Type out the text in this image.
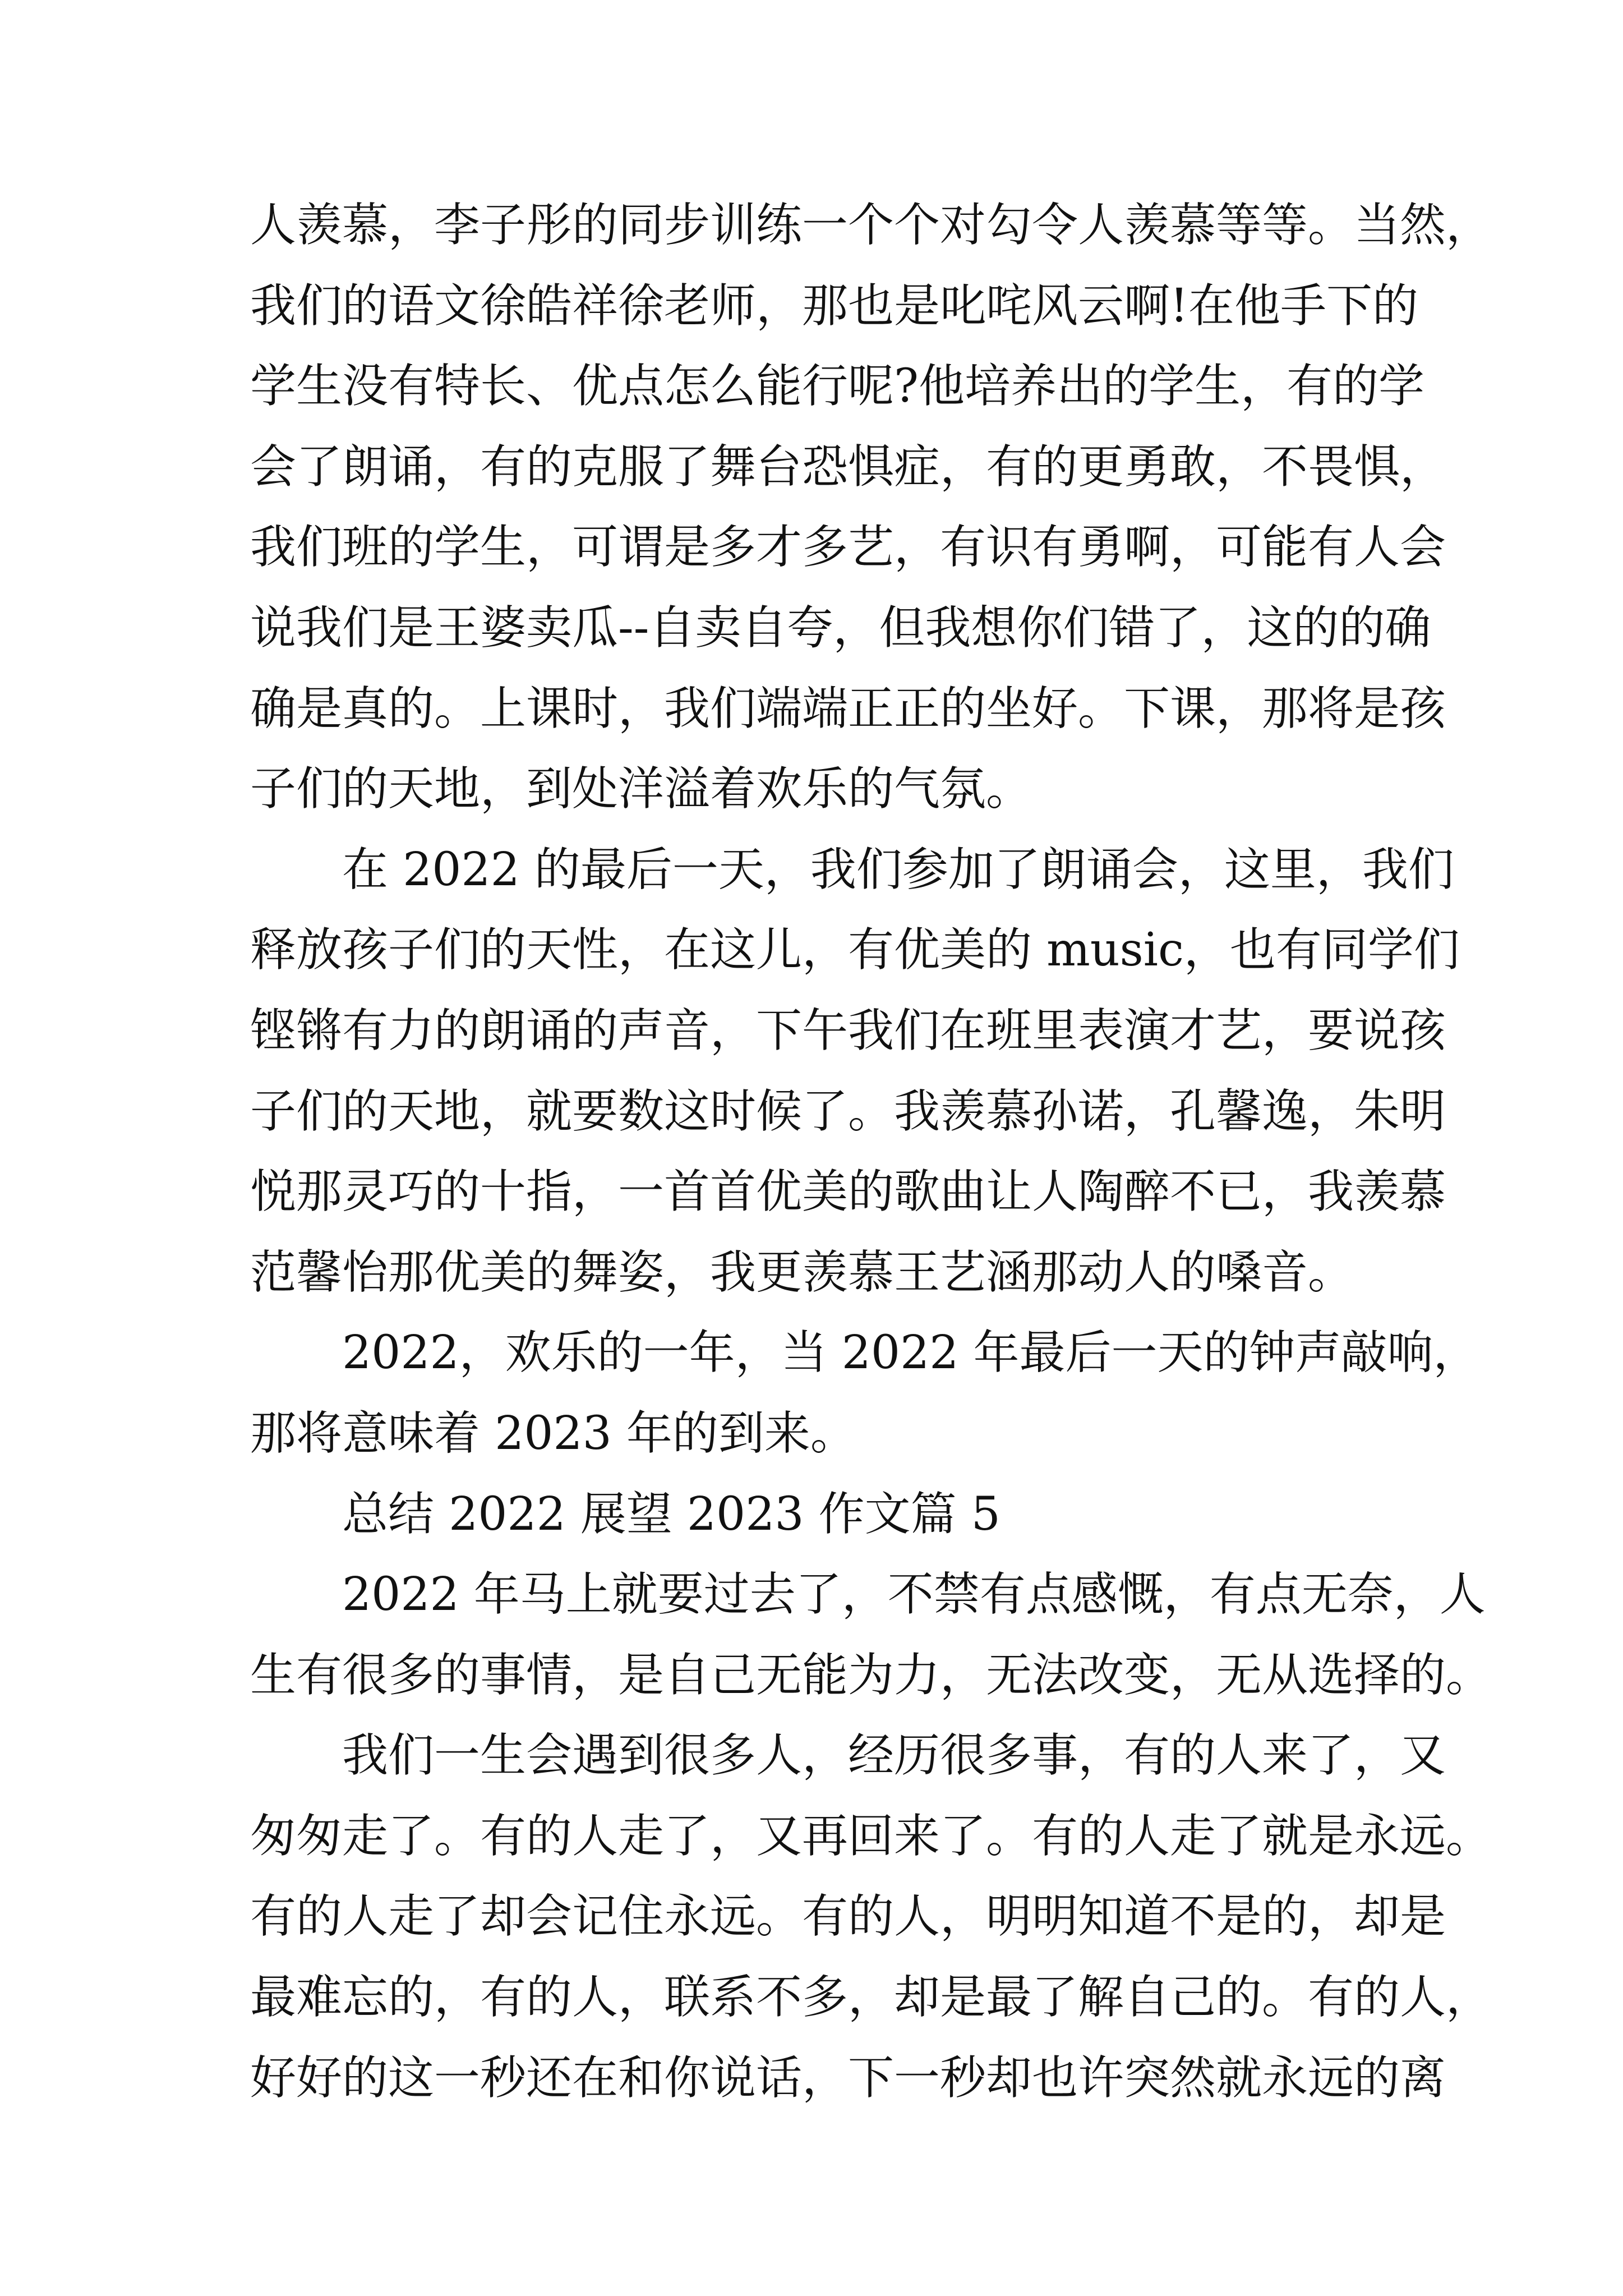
人羡慕，李子彤的同步训练一个个对勾令人羡慕等等。当然，
我们的语文徐皓祥徐老师，那也是叱咤风云啊!在他手下的
学生没有特长、优点怎么能行呢?他培养出的学生，有的学
会了朗诵，有的克服了舞台恐惧症，有的更勇敢，不畏惧，
我们班的学生，可谓是多才多艺，有识有勇啊，可能有人会
说我们是王婆卖瓜--自卖自夸，但我想你们错了，这的的确
确是真的。上课时，我们端端正正的坐好。下课，那将是孩
子们的天地，到处洋溢着欢乐的气氛。
在 2022 的最后一天，我们参加了朗诵会，这里，我们
释放孩子们的天性，在这儿，有优美的 music，也有同学们
铿锵有力的朗诵的声音，下午我们在班里表演才艺，要说孩
子们的天地，就要数这时候了。我羡慕孙诺，孔馨逸，朱明
悦那灵巧的十指，一首首优美的歌曲让人陶醉不已，我羡慕
范馨怡那优美的舞姿，我更羡慕王艺涵那动人的嗓音。
2022，欢乐的一年，当 2022 年最后一天的钟声敲响，
那将意味着 2023 年的到来。
总结 2022 展望 2023 作文篇 5
2022 年马上就要过去了，不禁有点感慨，有点无奈，人
生有很多的事情，是自己无能为力，无法改变，无从选择的。
我们一生会遇到很多人，经历很多事，有的人来了，又
匆匆走了。有的人走了，又再回来了。有的人走了就是永远。
有的人走了却会记住永远。有的人，明明知道不是的，却是
最难忘的，有的人，联系不多，却是最了解自己的。有的人，
好好的这一秒还在和你说话，下一秒却也许突然就永远的离
